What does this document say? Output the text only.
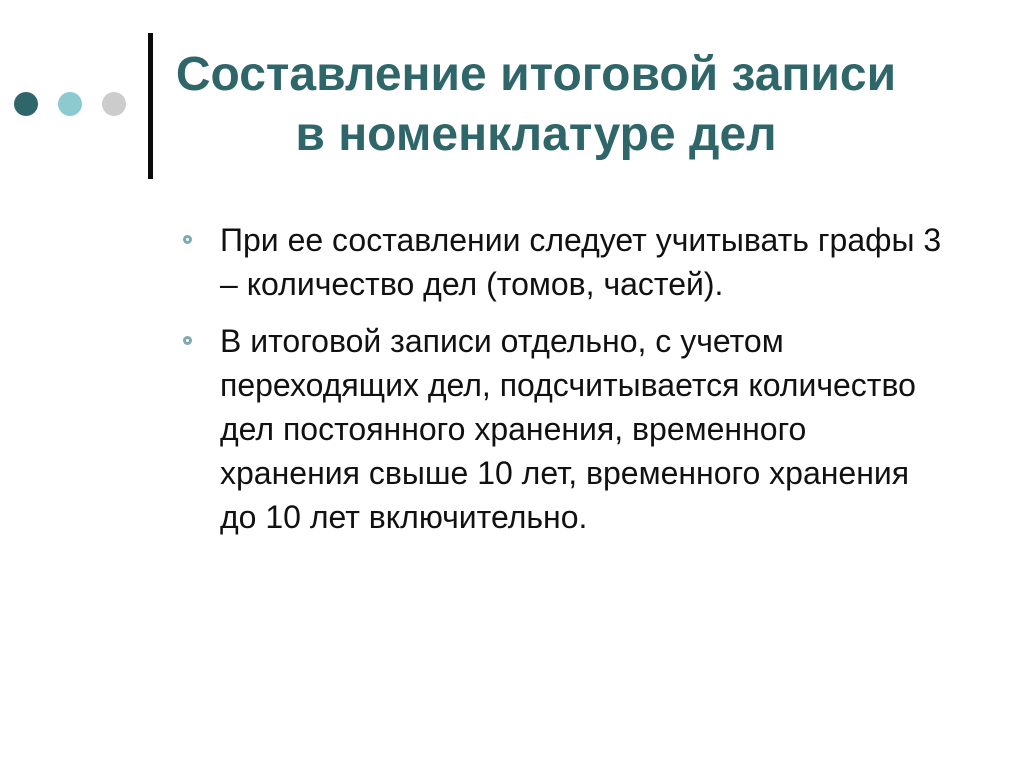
Составление итоговой записи в номенклатуре дел
При ее составлении следует учитывать графы 3 – количество дел (томов, частей).
В итоговой записи отдельно, с учетом переходящих дел, подсчитывается количество дел постоянного хранения, временного хранения свыше 10 лет, временного хранения до 10 лет включительно.
